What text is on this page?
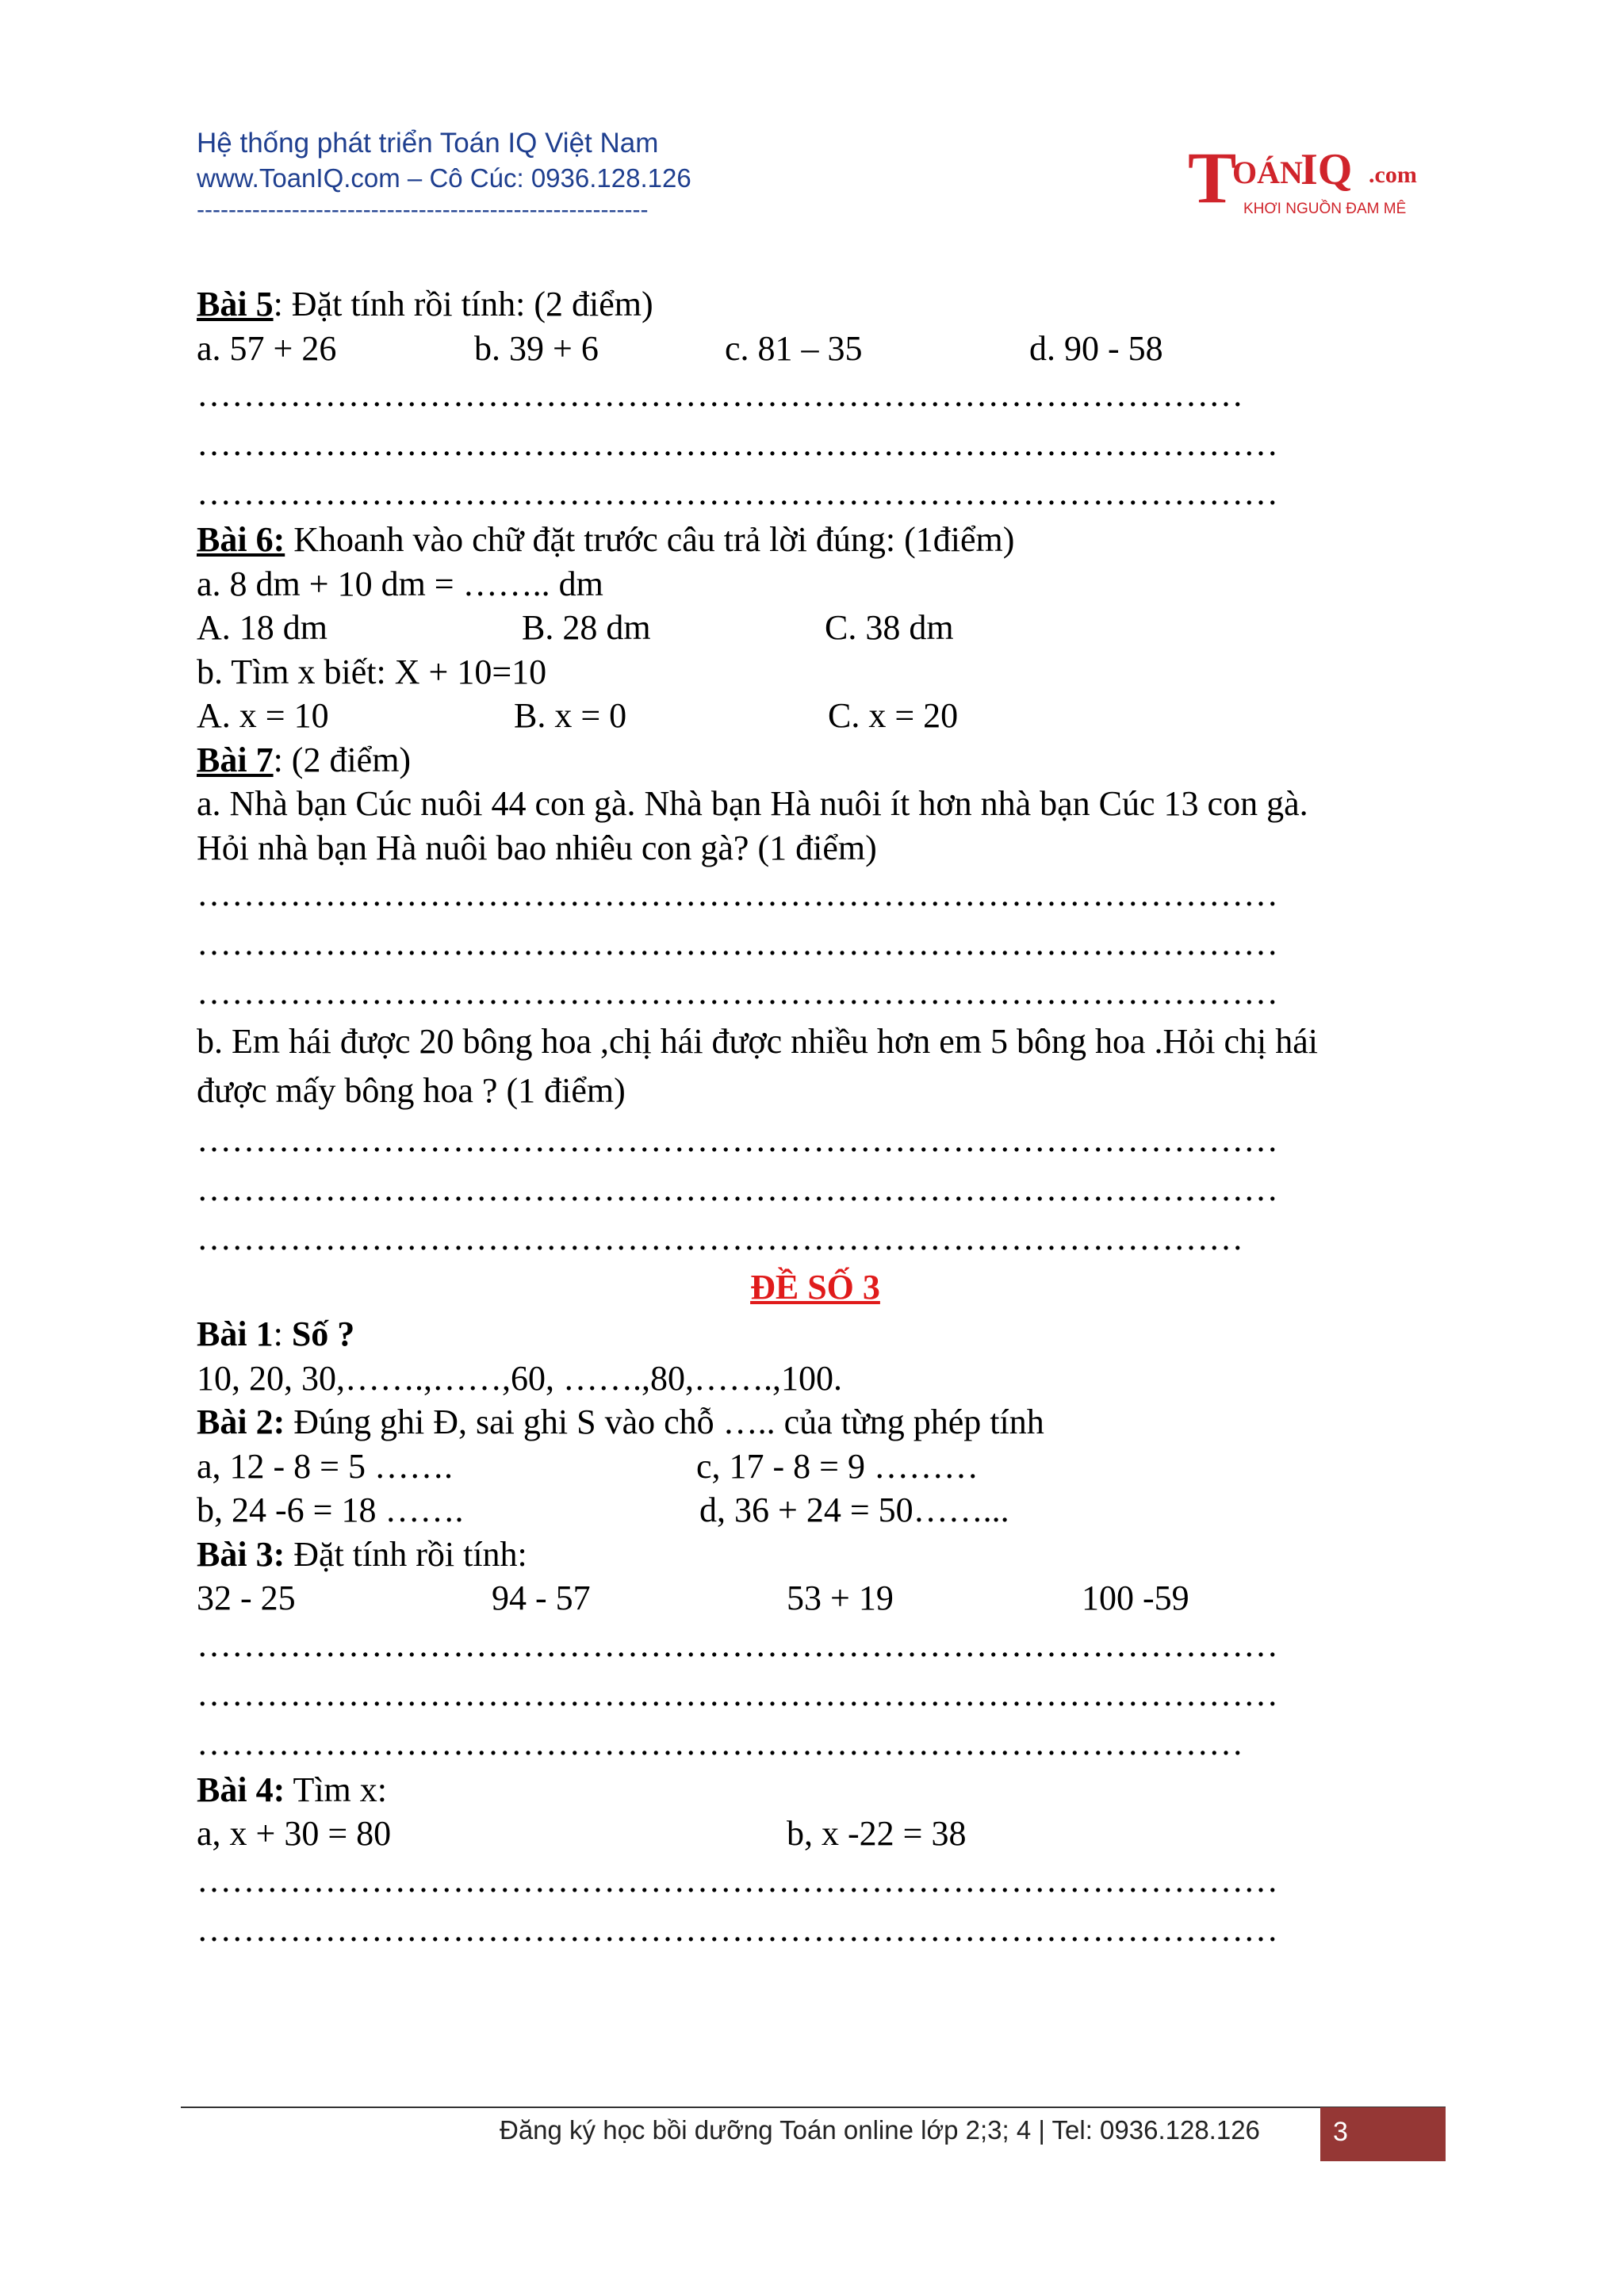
Hệ thống phát triển Toán IQ Việt Nam
www.ToanIQ.com – Cô Cúc: 0936.128.126
---------------------------------------------------------	T
OÁN
IQ .com
KHƠI NGUỒN ĐAM MÊ
Bài 5: Đặt tính rồi tính: (2 điểm)
a. 57 + 26	b. 39 + 6	c. 81 – 35	d. 90 - 58
………………………………………………………………………………
…………………………………………………………………………………
…………………………………………………………………………………
Bài 6: Khoanh vào chữ đặt trước câu trả lời đúng: (1điểm)
a. 8 dm + 10 dm = …….. dm
A. 18 dm	B. 28 dm	C. 38 dm
b. Tìm x biết: X + 10=10
A. x = 10	B. x = 0	C. x = 20
Bài 7: (2 điểm)
a. Nhà bạn Cúc nuôi 44 con gà. Nhà bạn Hà nuôi ít hơn nhà bạn Cúc 13 con gà.
Hỏi nhà bạn Hà nuôi bao nhiêu con gà? (1 điểm)
…………………………………………………………………………………
…………………………………………………………………………………
…………………………………………………………………………………
b. Em hái được 20 bông hoa ,chị hái được nhiều hơn em 5 bông hoa .Hỏi chị hái
được mấy bông hoa ? (1 điểm)
…………………………………………………………………………………
…………………………………………………………………………………
………………………………………………………………………………
ĐỀ SỐ 3
Bài 1: Số ?
10, 20, 30,…….,……,60, …….,80,…….,100.
Bài 2: Đúng ghi Đ, sai ghi S vào chỗ ….. của từng phép tính
a, 12 - 8 = 5 …….	c, 17 - 8 = 9 ………
b, 24 -6 = 18 …….	d, 36 + 24 = 50……...
Bài 3: Đặt tính rồi tính:
32 - 25	94 - 57	53 + 19	100 -59
…………………………………………………………………………………
…………………………………………………………………………………
………………………………………………………………………………
Bài 4: Tìm x:
a, x + 30 = 80	b, x -22 = 38
…………………………………………………………………………………
…………………………………………………………………………………
Đăng ký học bồi dưỡng Toán online lớp 2;3; 4 | Tel: 0936.128.126	3
